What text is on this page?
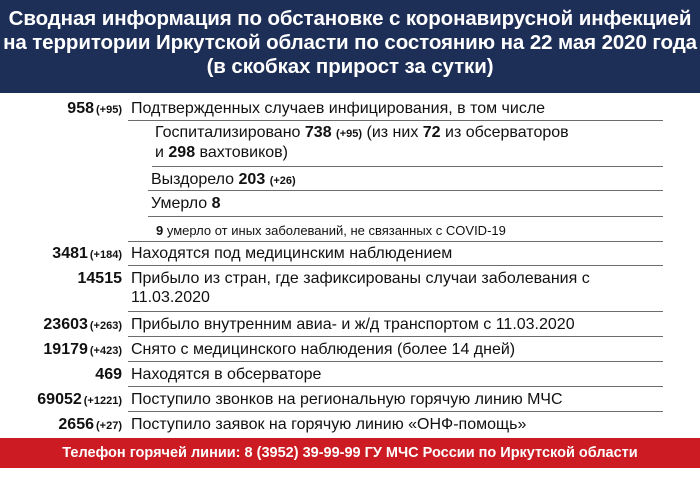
Сводная информация по обстановке с коронавирусной инфекцией
на территории Иркутской области по состоянию на 22 мая 2020 года
(в скобках прирост за сутки)
958 (+95) Подтвержденных случаев инфицирования, в том числе
Госпитализировано 738 (+95) (из них 72 из обсерваторов
и 298 вахтовиков)
Выздорело 203 (+26)
Умерло 8
9 умерло от иных заболеваний, не связанных с COVID-19
3481 (+184) Находятся под медицинским наблюдением
14515 Прибыло из стран, где зафиксированы случаи заболевания с
11.03.2020
23603 (+263) Прибыло внутренним авиа- и ж/д транспортом с 11.03.2020
19179 (+423) Снято с медицинского наблюдения (более 14 дней)
469 Находятся в обсерваторе
69052 (+1221) Поступило звонков на региональную горячую линию МЧС
2656 (+27) Поступило заявок на горячую линию «ОНФ-помощь»
Телефон горячей линии: 8 (3952) 39-99-99 ГУ МЧС России по Иркутской области
